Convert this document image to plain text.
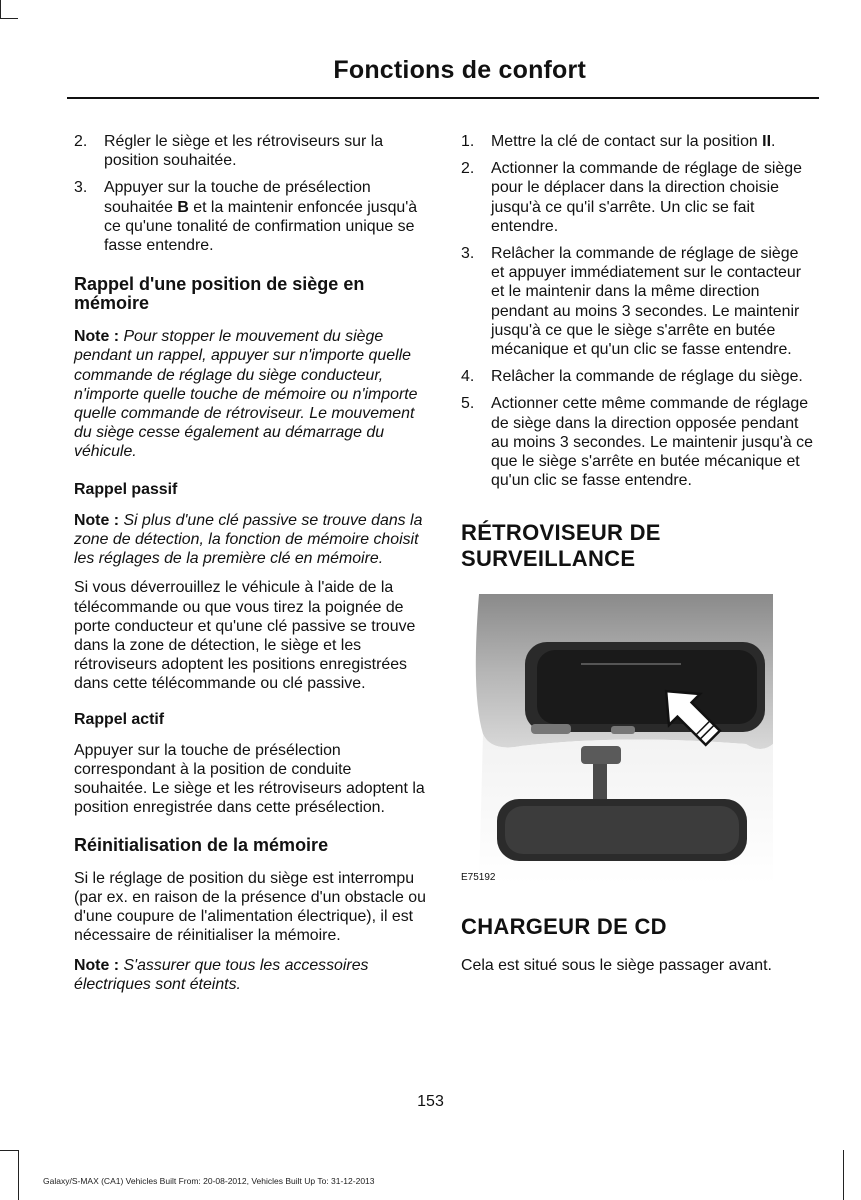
Fonctions de confort
2.	Régler le siège et les rétroviseurs sur la position souhaitée.
3.	Appuyer sur la touche de présélection souhaitée B et la maintenir enfoncée jusqu'à ce qu'une tonalité de confirmation unique se fasse entendre.
Rappel d'une position de siège en mémoire

Note : Pour stopper le mouvement du siège pendant un rappel, appuyer sur n'importe quelle commande de réglage du siège conducteur, n'importe quelle touche de mémoire ou n'importe quelle commande de rétroviseur. Le mouvement du siège cesse également au démarrage du véhicule.

Rappel passif

Note : Si plus d'une clé passive se trouve dans la zone de détection, la fonction de mémoire choisit les réglages de la première clé en mémoire.

Si vous déverrouillez le véhicule à l'aide de la télécommande ou que vous tirez la poignée de porte conducteur et qu'une clé passive se trouve dans la zone de détection, le siège et les rétroviseurs adoptent les positions enregistrées dans cette télécommande ou clé passive.

Rappel actif

Appuyer sur la touche de présélection correspondant à la position de conduite souhaitée. Le siège et les rétroviseurs adoptent la position enregistrée dans cette présélection.

Réinitialisation de la mémoire

Si le réglage de position du siège est interrompu (par ex. en raison de la présence d'un obstacle ou d'une coupure de l'alimentation électrique), il est nécessaire de réinitialiser la mémoire.

Note : S'assurer que tous les accessoires électriques sont éteints.

1.	Mettre la clé de contact sur la position II.
2.	Actionner la commande de réglage de siège pour le déplacer dans la direction choisie jusqu'à ce qu'il s'arrête. Un clic se fait entendre.
3.	Relâcher la commande de réglage de siège et appuyer immédiatement sur le contacteur et le maintenir dans la même direction pendant au moins 3 secondes. Le maintenir jusqu'à ce que le siège s'arrête en butée mécanique et qu'un clic se fasse entendre.
4.	Relâcher la commande de réglage du siège.
5.	Actionner cette même commande de réglage de siège dans la direction opposée pendant au moins 3 secondes. Le maintenir jusqu'à ce que le siège s'arrête en butée mécanique et qu'un clic se fasse entendre.
RÉTROVISEUR DE
SURVEILLANCE
E75192
CHARGEUR DE CD

Cela est situé sous le siège passager avant.

153
Galaxy/S-MAX (CA1) Vehicles Built From: 20-08-2012, Vehicles Built Up To: 31-12-2013
